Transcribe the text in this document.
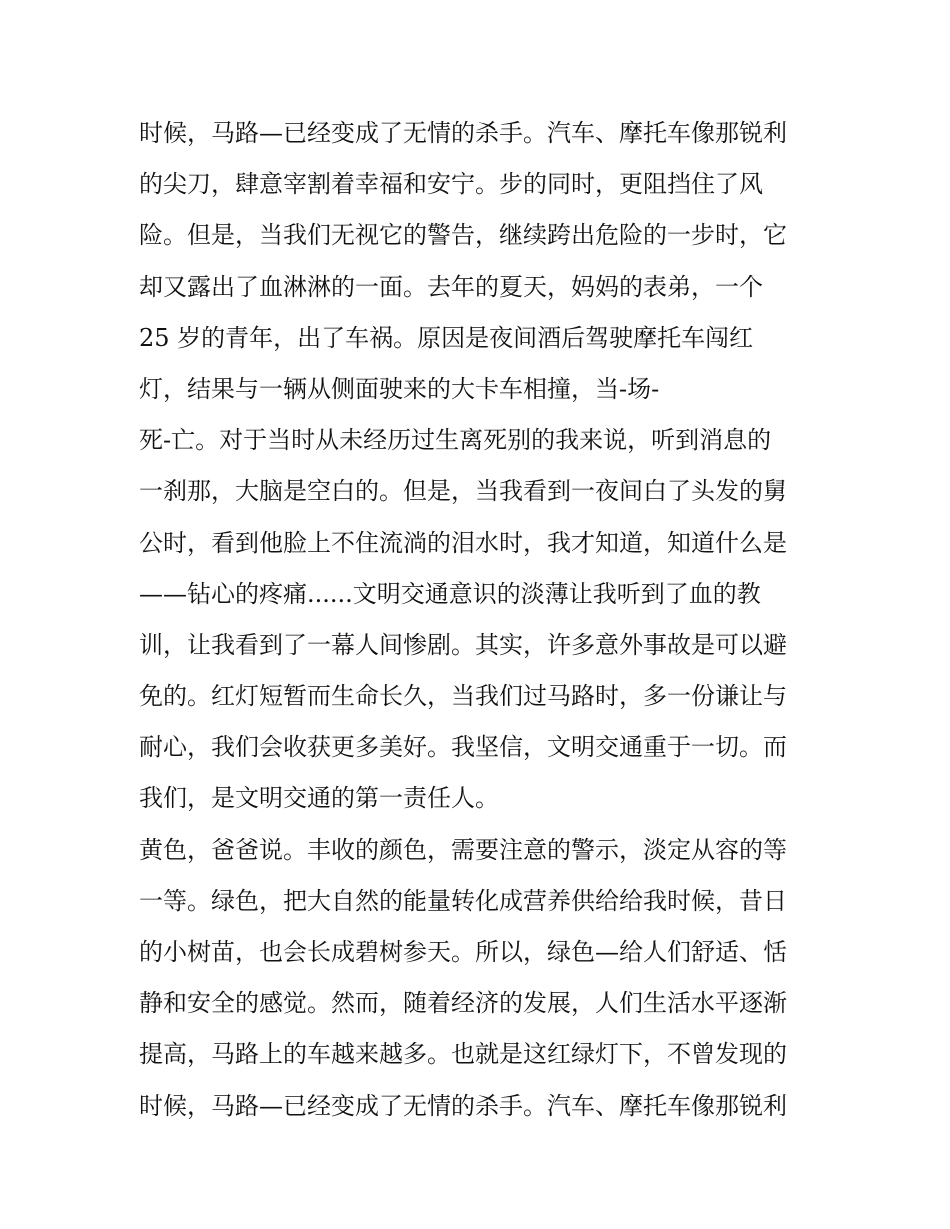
时候，马路—已经变成了无情的杀手。汽车、摩托车像那锐利
的尖刀，肆意宰割着幸福和安宁。步的同时，更阻挡住了风
险。但是，当我们无视它的警告，继续跨出危险的一步时，它
却又露出了血淋淋的一面。去年的夏天，妈妈的表弟，一个
25 岁的青年，出了车祸。原因是夜间酒后驾驶摩托车闯红
灯，结果与一辆从侧面驶来的大卡车相撞，当-场-
死-亡。对于当时从未经历过生离死别的我来说，听到消息的
一刹那，大脑是空白的。但是，当我看到一夜间白了头发的舅
公时，看到他脸上不住流淌的泪水时，我才知道，知道什么是
——钻心的疼痛......文明交通意识的淡薄让我听到了血的教
训，让我看到了一幕人间惨剧。其实，许多意外事故是可以避
免的。红灯短暂而生命长久，当我们过马路时，多一份谦让与
耐心，我们会收获更多美好。我坚信，文明交通重于一切。而
我们，是文明交通的第一责任人。
黄色，爸爸说。丰收的颜色，需要注意的警示，淡定从容的等
一等。绿色，把大自然的能量转化成营养供给给我时候，昔日
的小树苗，也会长成碧树参天。所以，绿色—给人们舒适、恬
静和安全的感觉。然而，随着经济的发展，人们生活水平逐渐
提高，马路上的车越来越多。也就是这红绿灯下，不曾发现的
时候，马路—已经变成了无情的杀手。汽车、摩托车像那锐利
